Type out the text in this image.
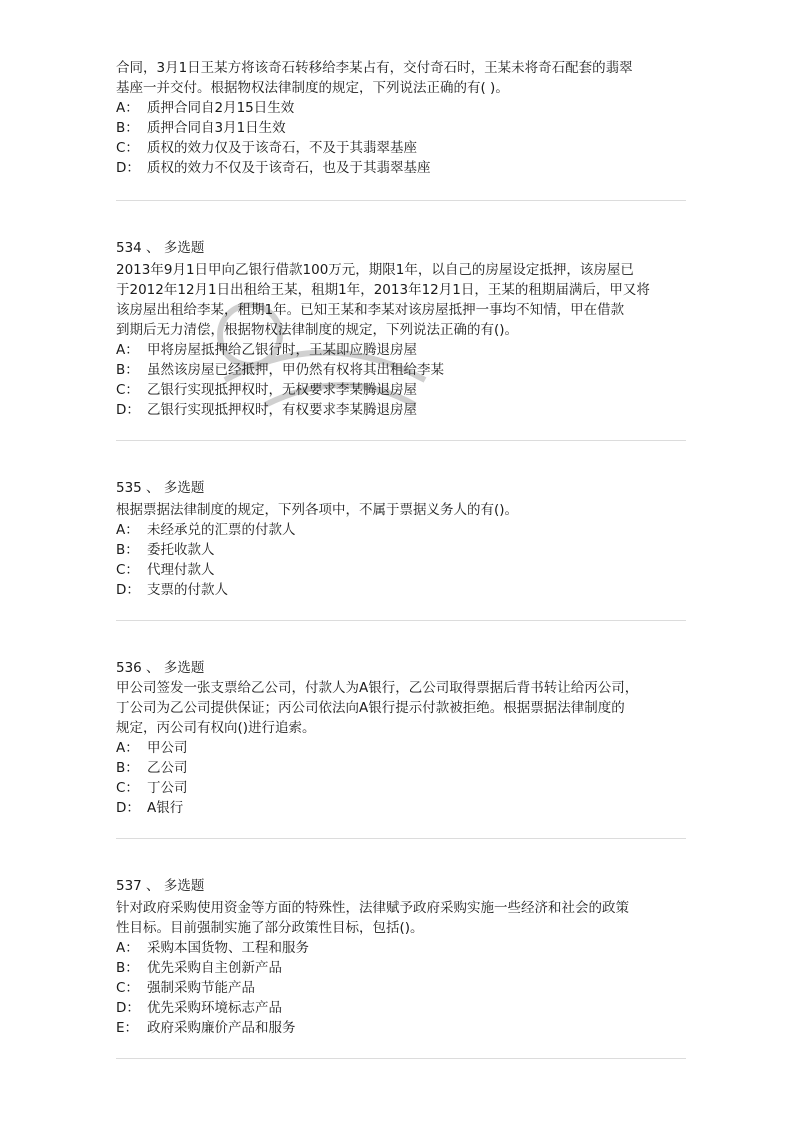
合同，3月1日王某方将该奇石转移给李某占有，交付奇石时，王某未将奇石配套的翡翠
基座一并交付。根据物权法律制度的规定，下列说法正确的有( )。
A： 质押合同自2月15日生效
B： 质押合同自3月1日生效
C： 质权的效力仅及于该奇石，不及于其翡翠基座
D： 质权的效力不仅及于该奇石，也及于其翡翠基座
534 、 多选题
2013年9月1日甲向乙银行借款100万元，期限1年，以自己的房屋设定抵押，该房屋已
于2012年12月1日出租给王某，租期1年，2013年12月1日，王某的租期届满后，甲又将
该房屋出租给李某，租期1年。已知王某和李某对该房屋抵押一事均不知情，甲在借款
到期后无力清偿，根据物权法律制度的规定，下列说法正确的有()。
A： 甲将房屋抵押给乙银行时，王某即应腾退房屋
B： 虽然该房屋已经抵押，甲仍然有权将其出租给李某
C： 乙银行实现抵押权时，无权要求李某腾退房屋
D： 乙银行实现抵押权时，有权要求李某腾退房屋
535 、 多选题
根据票据法律制度的规定，下列各项中，不属于票据义务人的有()。
A： 未经承兑的汇票的付款人
B： 委托收款人
C： 代理付款人
D： 支票的付款人
536 、 多选题
甲公司签发一张支票给乙公司，付款人为A银行，乙公司取得票据后背书转让给丙公司，
丁公司为乙公司提供保证；丙公司依法向A银行提示付款被拒绝。根据票据法律制度的
规定，丙公司有权向()进行追索。
A： 甲公司
B： 乙公司
C： 丁公司
D： A银行
537 、 多选题
针对政府采购使用资金等方面的特殊性，法律赋予政府采购实施一些经济和社会的政策
性目标。目前强制实施了部分政策性目标，包括()。
A： 采购本国货物、工程和服务
B： 优先采购自主创新产品
C： 强制采购节能产品
D： 优先采购环境标志产品
E： 政府采购廉价产品和服务
